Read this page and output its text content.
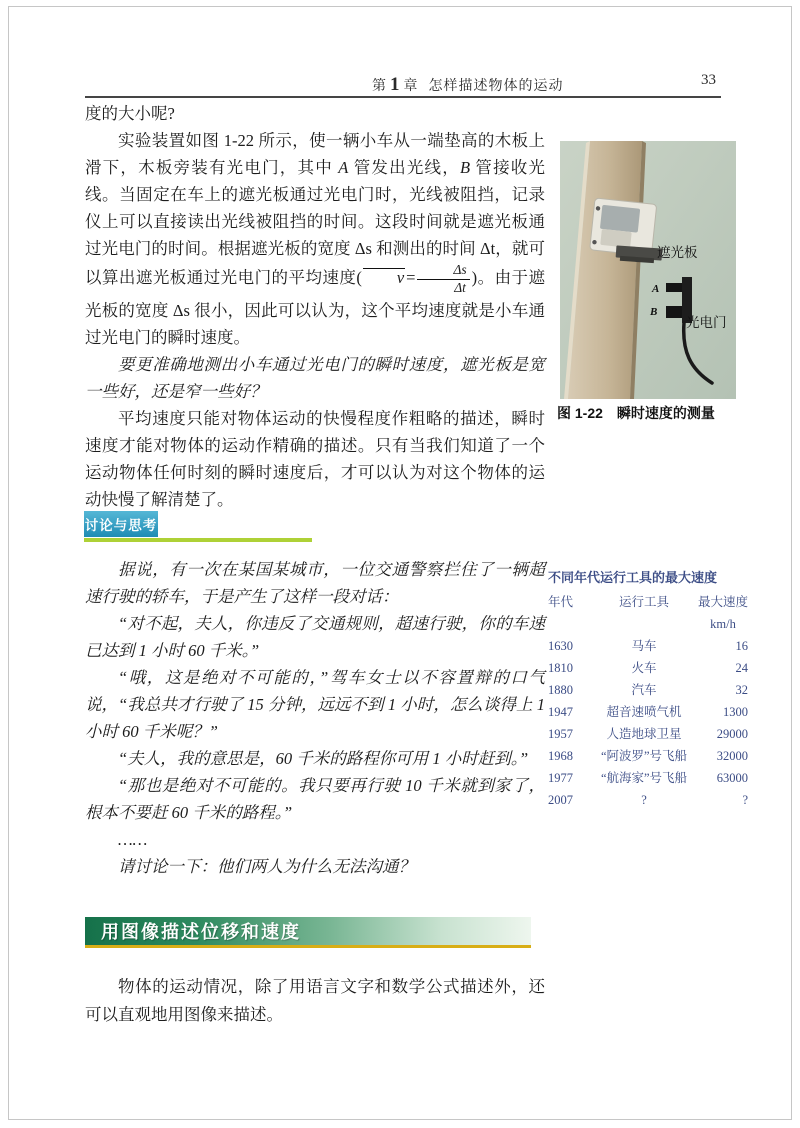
第 1 章 怎样描述物体的运动	33

度的大小呢?

实验装置如图 1-22 所示，使一辆小车从一端垫高的木板上滑下，木板旁装有光电门，其中 A 管发出光线，B 管接收光线。当固定在车上的遮光板通过光电门时，光线被阻挡，记录仪上可以直接读出光线被阻挡的时间。这段时间就是遮光板通过光电门的时间。根据遮光板的宽度 Δs 和测出的时间 Δt，就可以算出遮光板通过光电门的平均速度( $v = \frac{\Delta s}{\Delta t}$ )。由于遮光板的宽度 Δs 很小，因此可以认为，这个平均速度就是小车通过光电门的瞬时速度。

要更准确地测出小车通过光电门的瞬时速度，遮光板是宽一些好，还是窄一些好？

平均速度只能对物体运动的快慢程度作粗略的描述，瞬时速度才能对物体的运动作精确的描述。只有当我们知道了一个运动物体任何时刻的瞬时速度后，才可以认为对这个物体的运动快慢了解清楚了。

遮光板
A
B
光电门
图 1-22　瞬时速度的测量
讨论与思考

据说，有一次在某国某城市，一位交通警察拦住了一辆超速行驶的轿车，于是产生了这样一段对话：

“对不起，夫人，你违反了交通规则，超速行驶，你的车速已达到 1 小时 60 千米。”

“哦，这是绝对不可能的，”驾车女士以不容置辩的口气说，“我总共才行驶了 15 分钟，远远不到 1 小时，怎么谈得上 1 小时 60 千米呢？”

“夫人，我的意思是，60 千米的路程你可用 1 小时赶到。”

“那也是绝对不可能的。我只要再行驶 10 千米就到家了，根本不要赶 60 千米的路程。”

……

请讨论一下：他们两人为什么无法沟通？

不同年代运行工具的最大速度
年代	运行工具	最大速度
km/h
1630	马车	16
1810	火车	24
1880	汽车	32
1947	超音速喷气机	1300
1957	人造地球卫星	29000
1968	“阿波罗”号飞船	32000
1977	“航海家”号飞船	63000
2007	?	?
用图像描述位移和速度

物体的运动情况，除了用语言文字和数学公式描述外，还可以直观地用图像来描述。
